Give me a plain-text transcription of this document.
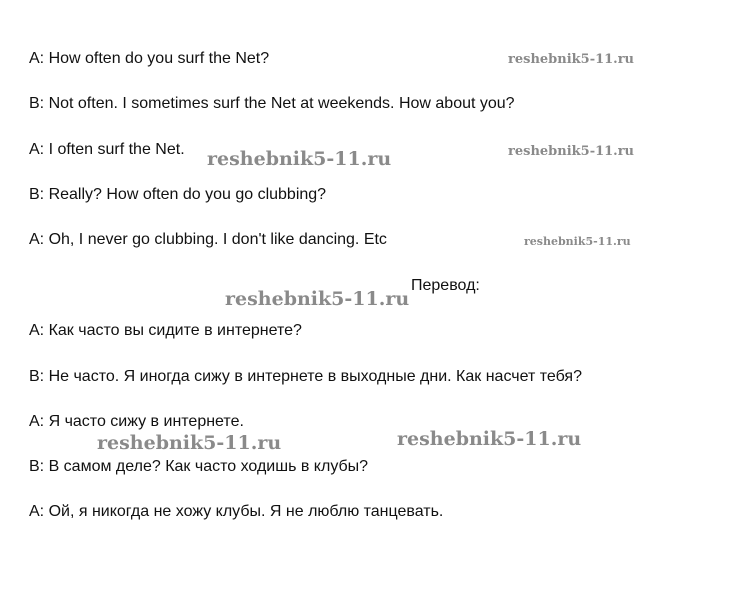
A: How often do you surf the Net?
B: Not often. I sometimes surf the Net at weekends. How about you?
A: I often surf the Net.
B: Really? How often do you go clubbing?
A: Oh, I never go clubbing. I don't like dancing. Etc
Перевод:
A: Как часто вы сидите в интернете?
B: Не часто. Я иногда сижу в интернете в выходные дни. Как насчет тебя?
A: Я часто сижу в интернете.
B: В самом деле? Как часто ходишь в клубы?
A: Ой, я никогда не хожу клубы. Я не люблю танцевать.
reshebnik5-11.ru
reshebnik5-11.ru	reshebnik5-11.ru
reshebnik5-11.ru
reshebnik5-11.ru
reshebnik5-11.ru	reshebnik5-11.ru
